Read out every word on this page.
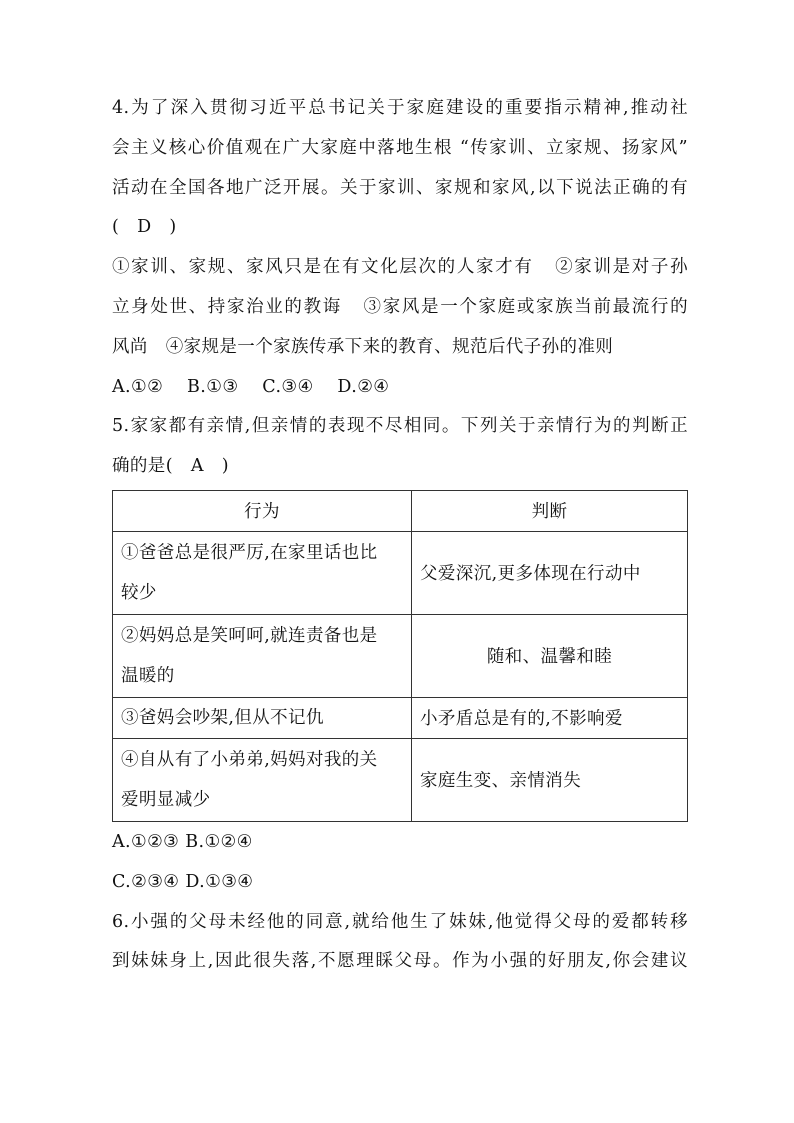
4.为了深入贯彻习近平总书记关于家庭建设的重要指示精神,推动社
会主义核心价值观在广大家庭中落地生根 “传家训、立家规、扬家风”
活动在全国各地广泛开展。关于家训、家规和家风,以下说法正确的有
(   D   )
①家训、家规、家风只是在有文化层次的人家才有   ②家训是对子孙
立身处世、持家治业的教诲   ③家风是一个家庭或家族当前最流行的
风尚   ④家规是一个家族传承下来的教育、规范后代子孙的准则
A.①②    B.①③    C.③④    D.②④
5.家家都有亲情,但亲情的表现不尽相同。下列关于亲情行为的判断正
确的是(   A   )
行为	判断

①爸爸总是很严厉,在家里话也比
较少	父爱深沉,更多体现在行动中

②妈妈总是笑呵呵,就连责备也是
温暖的	随和、温馨和睦
③爸妈会吵架,但从不记仇	小矛盾总是有的,不影响爱

④自从有了小弟弟,妈妈对我的关
爱明显减少	家庭生变、亲情消失
A.①②③ B.①②④
C.②③④ D.①③④
6.小强的父母未经他的同意,就给他生了妹妹,他觉得父母的爱都转移
到妹妹身上,因此很失落,不愿理睬父母。作为小强的好朋友,你会建议
